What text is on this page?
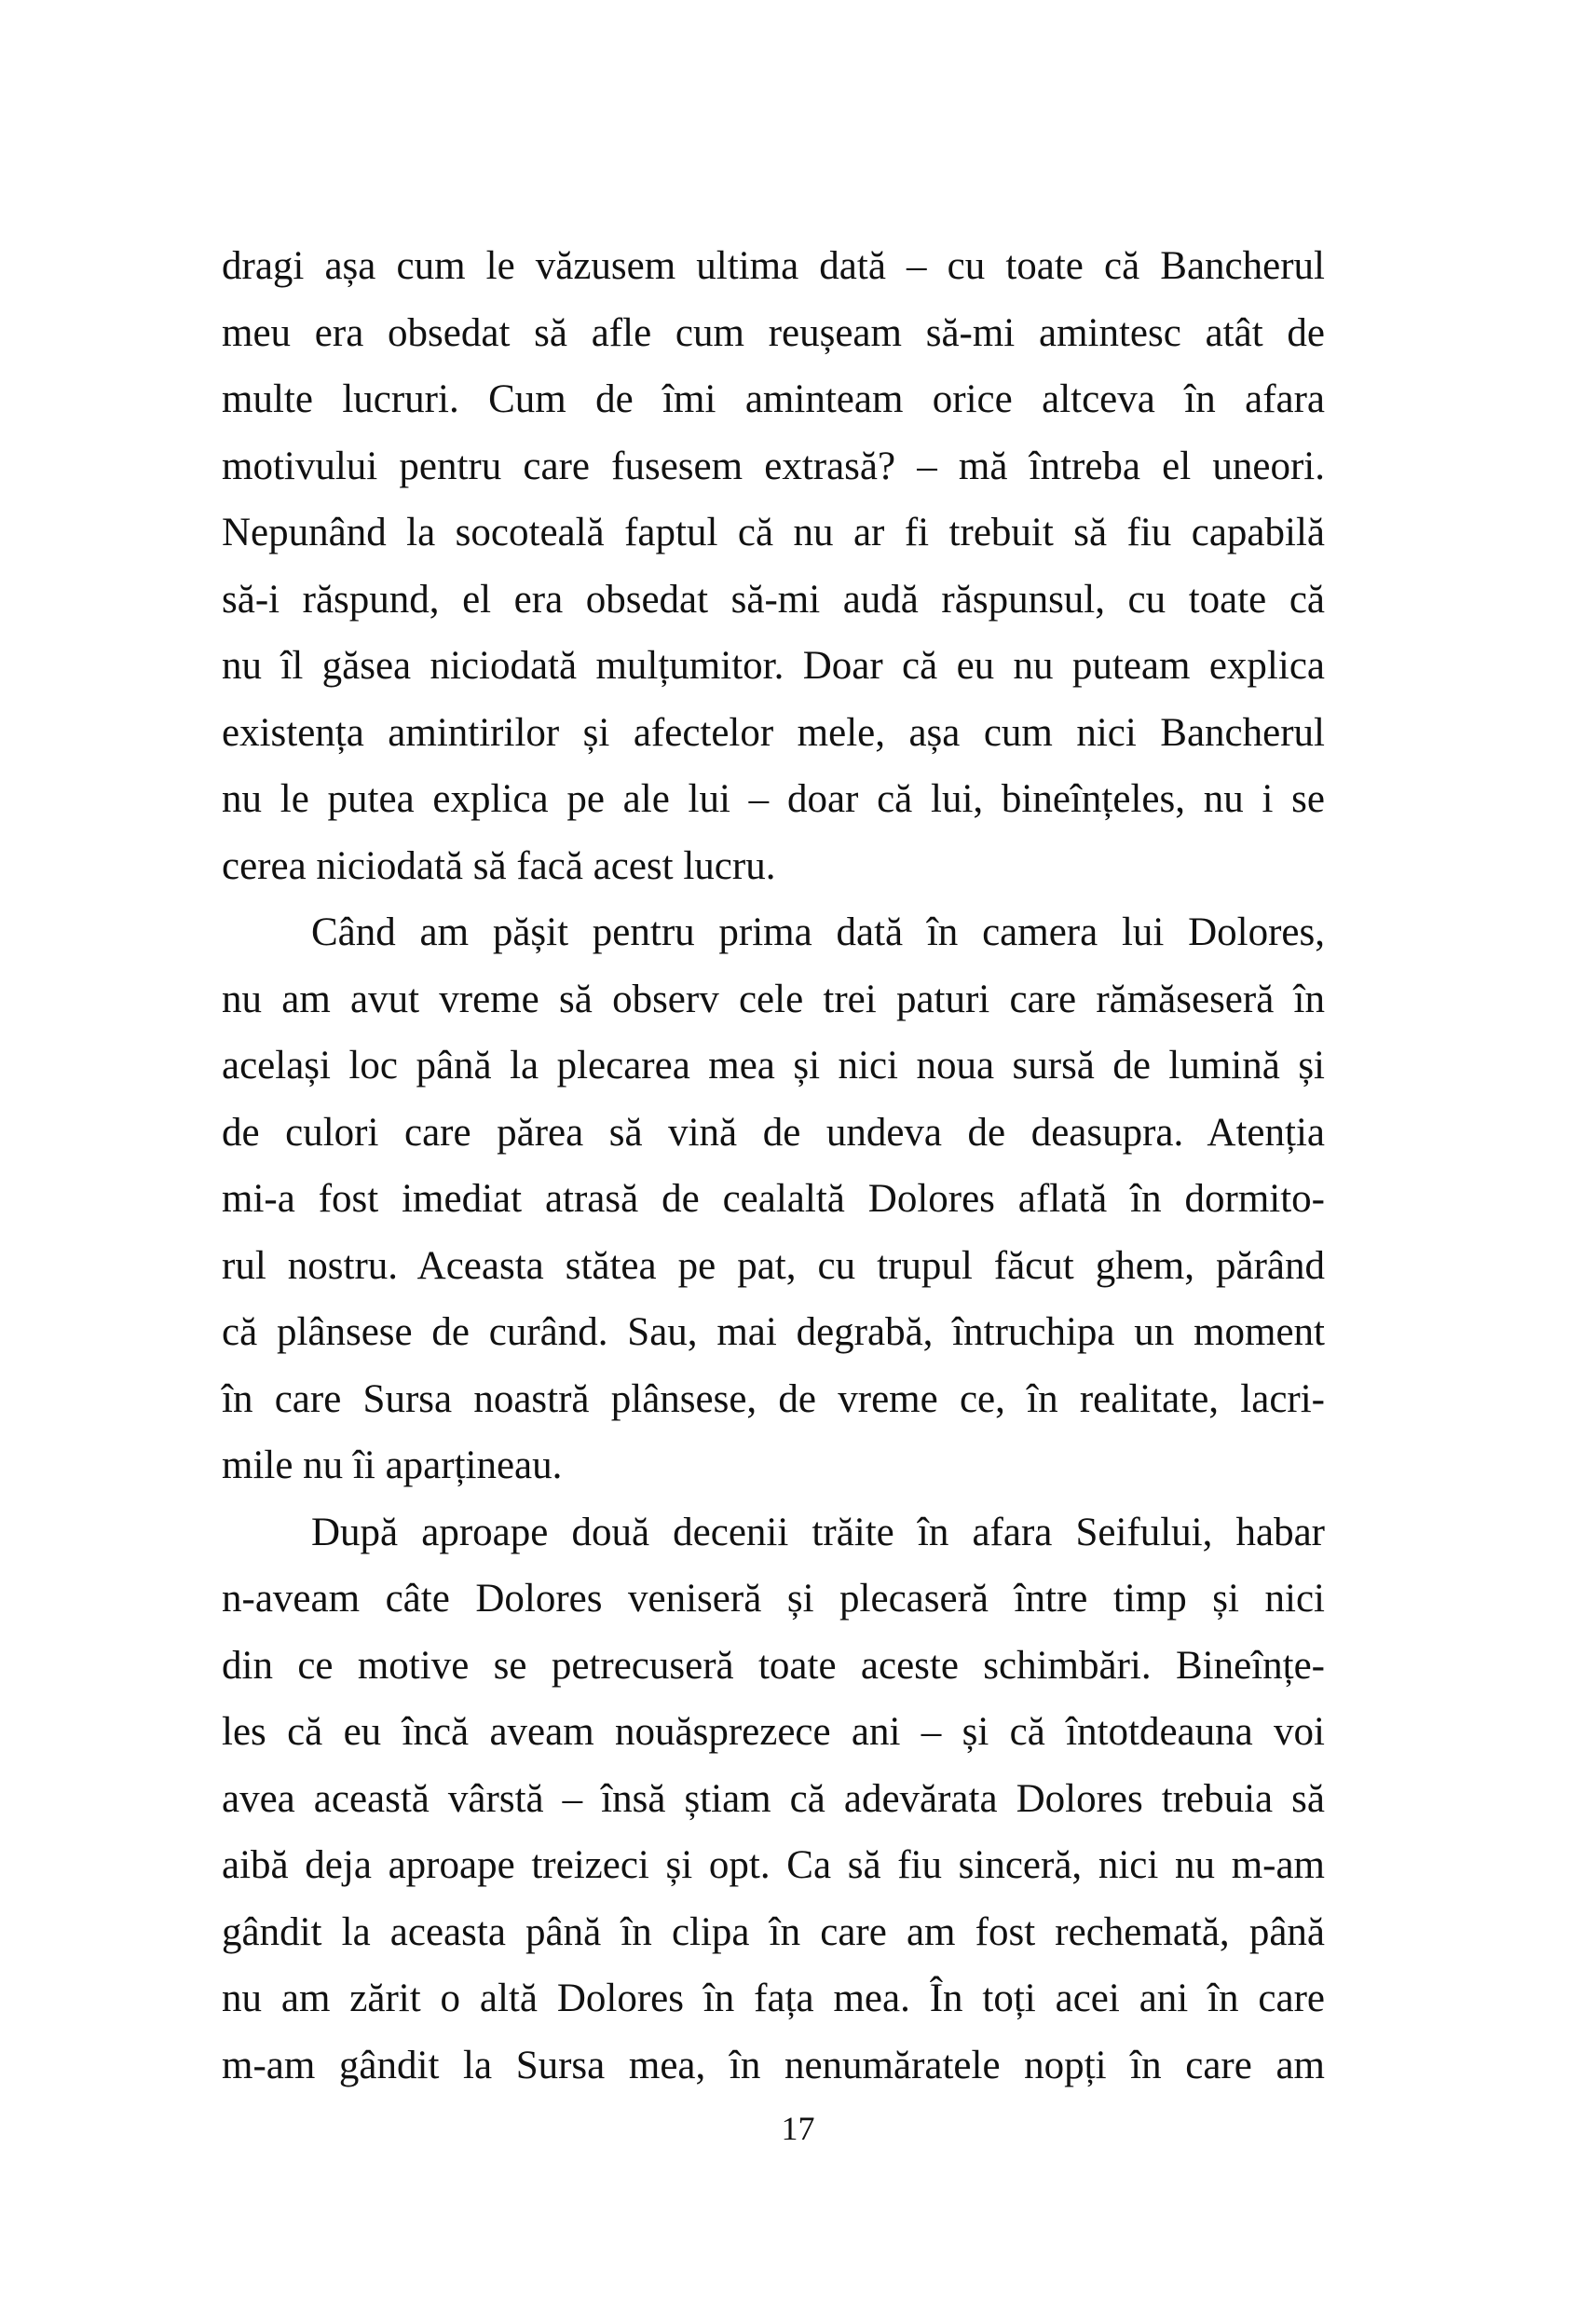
dragi așa cum le văzusem ultima dată – cu toate că Bancherul
meu era obsedat să afle cum reușeam să-mi amintesc atât de
multe lucruri. Cum de îmi aminteam orice altceva în afara
motivului pentru care fusesem extrasă? – mă întreba el uneori.
Nepunând la socoteală faptul că nu ar fi trebuit să fiu capabilă
să-i răspund, el era obsedat să-mi audă răspunsul, cu toate că
nu îl găsea niciodată mulțumitor. Doar că eu nu puteam explica
existența amintirilor și afectelor mele, așa cum nici Bancherul
nu le putea explica pe ale lui – doar că lui, bineînțeles, nu i se
cerea niciodată să facă acest lucru.
Când am pășit pentru prima dată în camera lui Dolores,
nu am avut vreme să observ cele trei paturi care rămăseseră în
același loc până la plecarea mea și nici noua sursă de lumină și
de culori care părea să vină de undeva de deasupra. Atenția
mi-a fost imediat atrasă de cealaltă Dolores aflată în dormito-
rul nostru. Aceasta stătea pe pat, cu trupul făcut ghem, părând
că plânsese de curând. Sau, mai degrabă, întruchipa un moment
în care Sursa noastră plânsese, de vreme ce, în realitate, lacri-
mile nu îi aparțineau.
După aproape două decenii trăite în afara Seifului, habar
n-aveam câte Dolores veniseră și plecaseră între timp și nici
din ce motive se petrecuseră toate aceste schimbări. Bineînțe-
les că eu încă aveam nouăsprezece ani – și că întotdeauna voi
avea această vârstă – însă știam că adevărata Dolores trebuia să
aibă deja aproape treizeci și opt. Ca să fiu sinceră, nici nu m-am
gândit la aceasta până în clipa în care am fost rechemată, până
nu am zărit o altă Dolores în fața mea. În toți acei ani în care
m-am gândit la Sursa mea, în nenumăratele nopți în care am
17
